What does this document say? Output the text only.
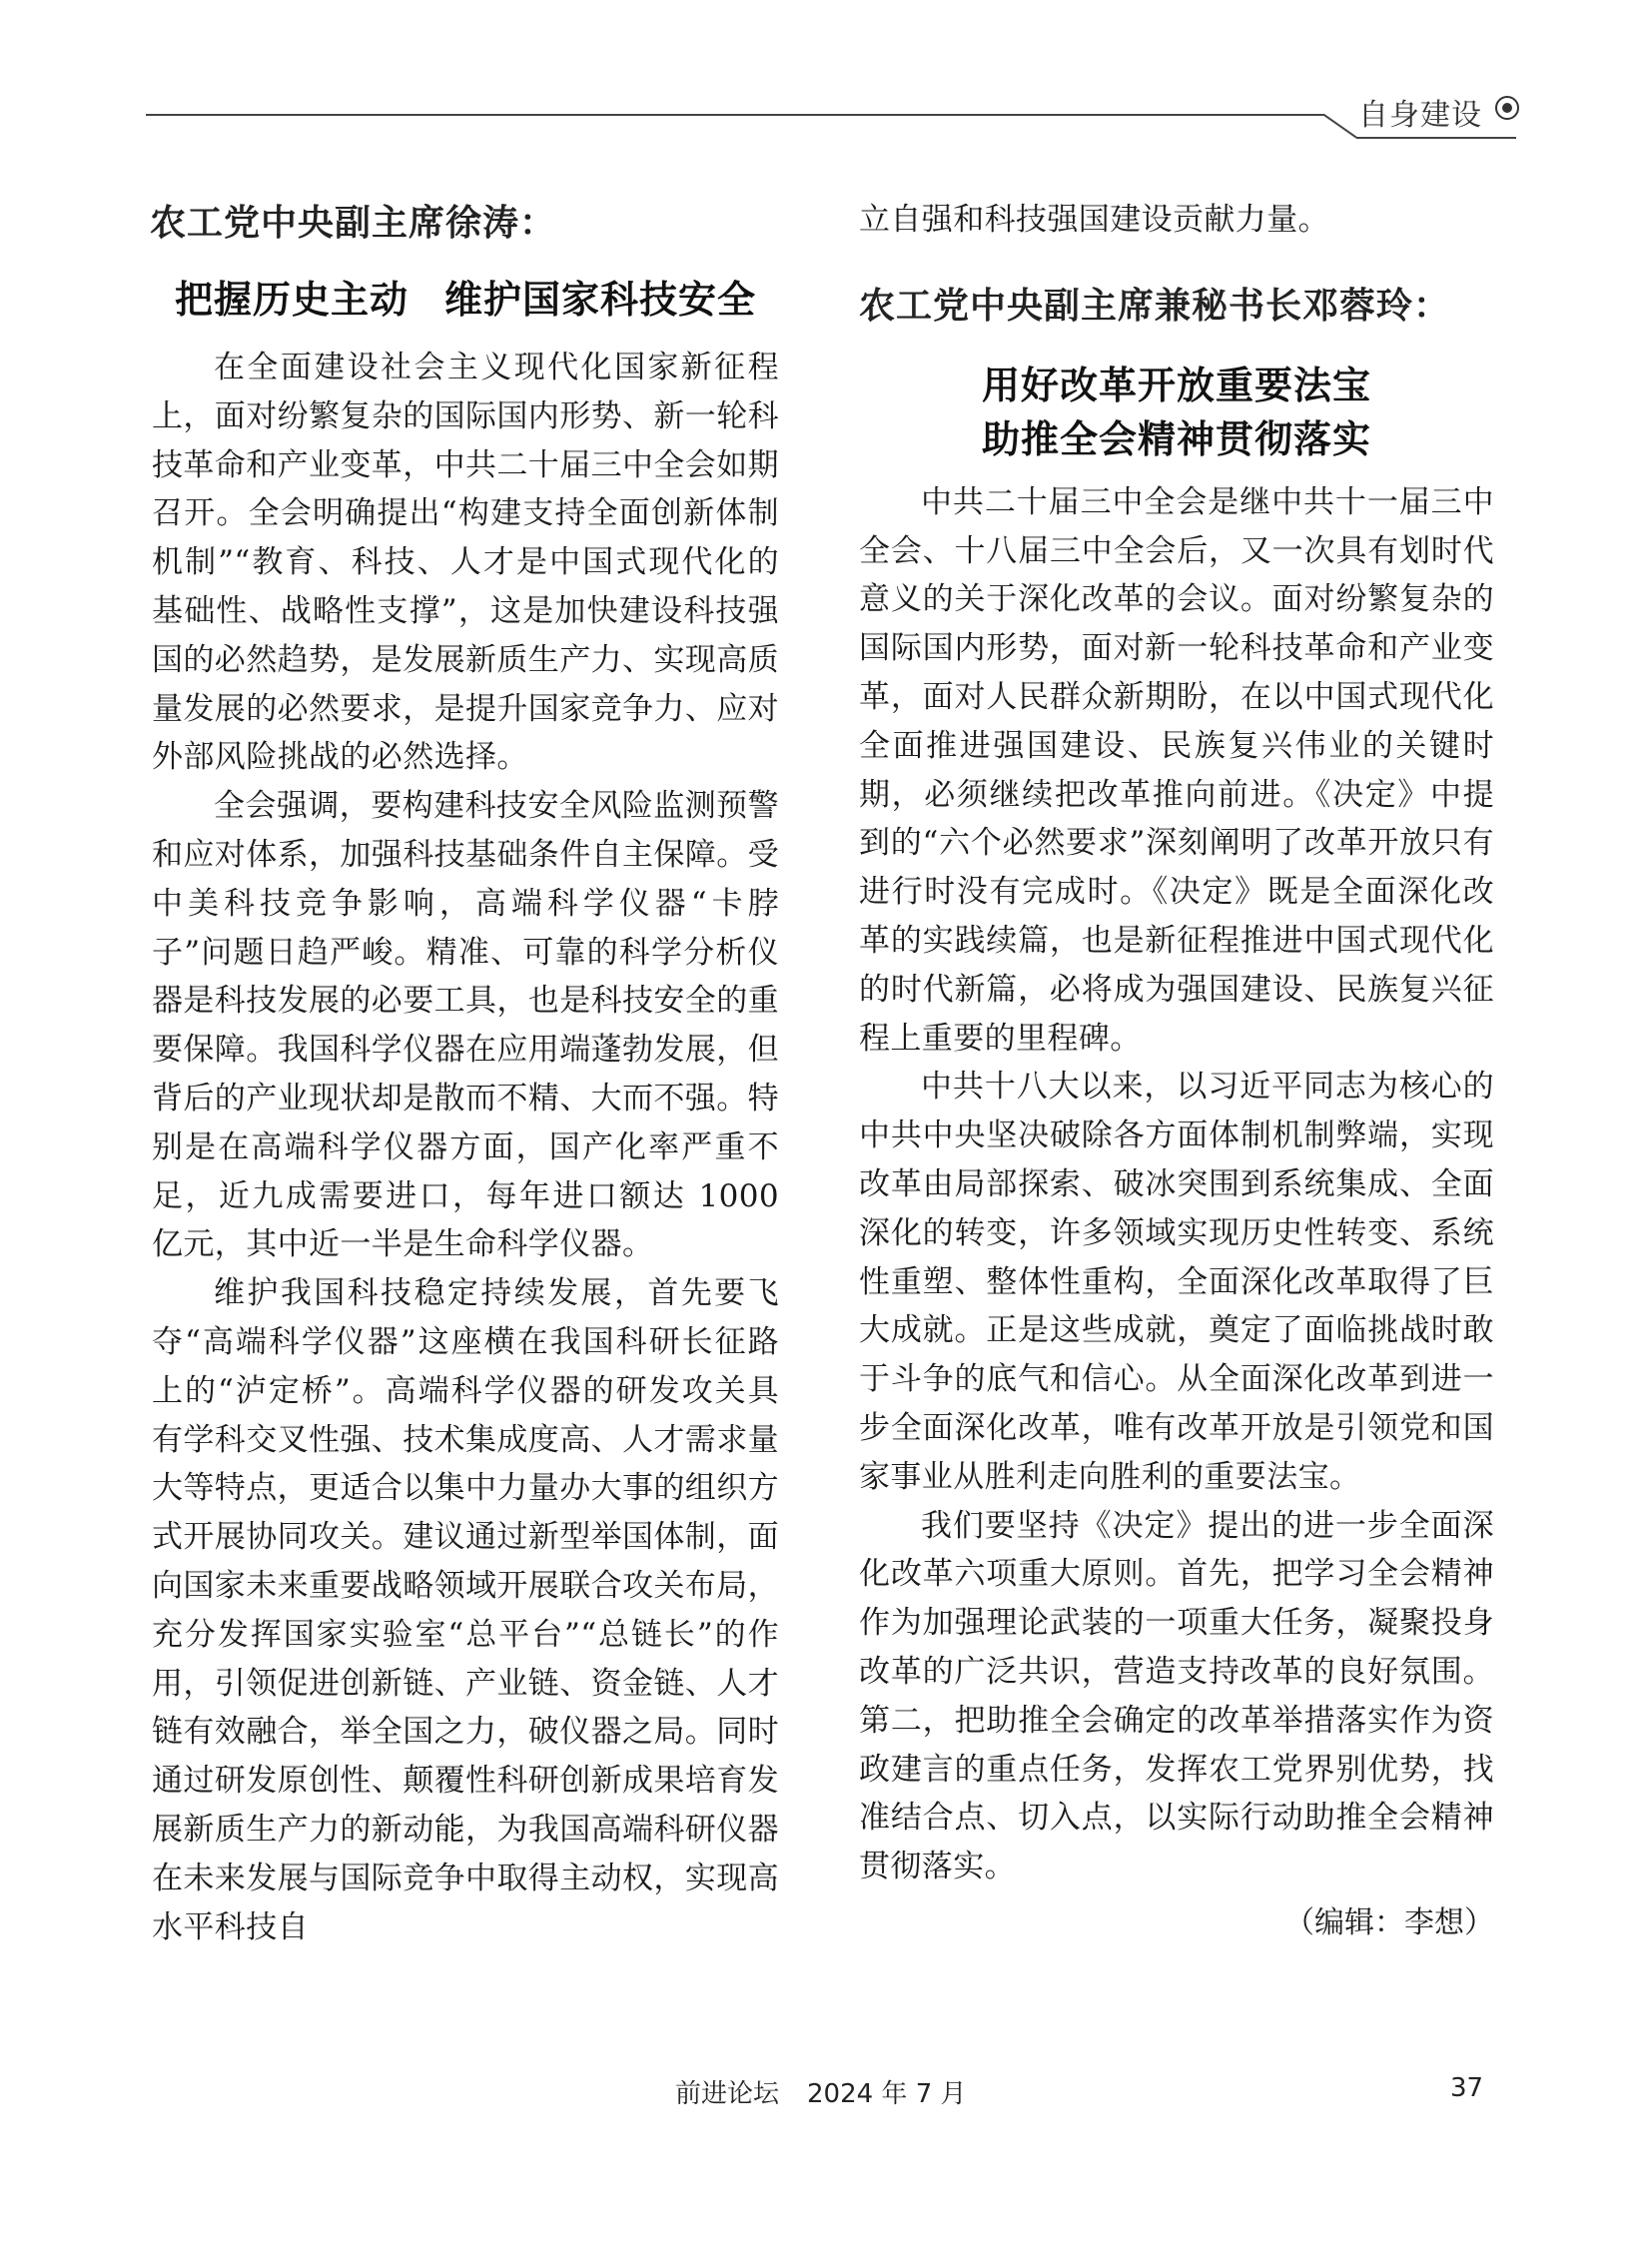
自身建设
农工党中央副主席徐涛：
把握历史主动 维护国家科技安全

在全面建设社会主义现代化国家新征程上，面对纷繁复杂的国际国内形势、新一轮科技革命和产业变革，中共二十届三中全会如期召开。全会明确提出“构建支持全面创新体制机制”“教育、科技、人才是中国式现代化的基础性、战略性支撑”，这是加快建设科技强国的必然趋势，是发展新质生产力、实现高质量发展的必然要求，是提升国家竞争力、应对外部风险挑战的必然选择。

全会强调，要构建科技安全风险监测预警和应对体系，加强科技基础条件自主保障。受中美科技竞争影响，高端科学仪器“卡脖子”问题日趋严峻。精准、可靠的科学分析仪器是科技发展的必要工具，也是科技安全的重要保障。我国科学仪器在应用端蓬勃发展，但背后的产业现状却是散而不精、大而不强。特别是在高端科学仪器方面，国产化率严重不足，近九成需要进口，每年进口额达 1000 亿元，其中近一半是生命科学仪器。

维护我国科技稳定持续发展，首先要飞夺“高端科学仪器”这座横在我国科研长征路上的“泸定桥”。高端科学仪器的研发攻关具有学科交叉性强、技术集成度高、人才需求量大等特点，更适合以集中力量办大事的组织方式开展协同攻关。建议通过新型举国体制，面向国家未来重要战略领域开展联合攻关布局，充分发挥国家实验室“总平台”“总链长”的作用，引领促进创新链、产业链、资金链、人才链有效融合，举全国之力，破仪器之局。同时通过研发原创性、颠覆性科研创新成果培育发展新质生产力的新动能，为我国高端科研仪器在未来发展与国际竞争中取得主动权，实现高水平科技自

立自强和科技强国建设贡献力量。

农工党中央副主席兼秘书长邓蓉玲：
用好改革开放重要法宝
助推全会精神贯彻落实

中共二十届三中全会是继中共十一届三中全会、十八届三中全会后，又一次具有划时代意义的关于深化改革的会议。面对纷繁复杂的国际国内形势，面对新一轮科技革命和产业变革，面对人民群众新期盼，在以中国式现代化全面推进强国建设、民族复兴伟业的关键时期，必须继续把改革推向前进。《决定》中提到的“六个必然要求”深刻阐明了改革开放只有进行时没有完成时。《决定》既是全面深化改革的实践续篇，也是新征程推进中国式现代化的时代新篇，必将成为强国建设、民族复兴征程上重要的里程碑。

中共十八大以来，以习近平同志为核心的中共中央坚决破除各方面体制机制弊端，实现改革由局部探索、破冰突围到系统集成、全面深化的转变，许多领域实现历史性转变、系统性重塑、整体性重构，全面深化改革取得了巨大成就。正是这些成就，奠定了面临挑战时敢于斗争的底气和信心。从全面深化改革到进一步全面深化改革，唯有改革开放是引领党和国家事业从胜利走向胜利的重要法宝。

我们要坚持《决定》提出的进一步全面深化改革六项重大原则。首先，把学习全会精神作为加强理论武装的一项重大任务，凝聚投身改革的广泛共识，营造支持改革的良好氛围。第二，把助推全会确定的改革举措落实作为资政建言的重点任务，发挥农工党界别优势，找准结合点、切入点，以实际行动助推全会精神贯彻落实。

（编辑：李想）

前进论坛 2024 年 7 月	37
